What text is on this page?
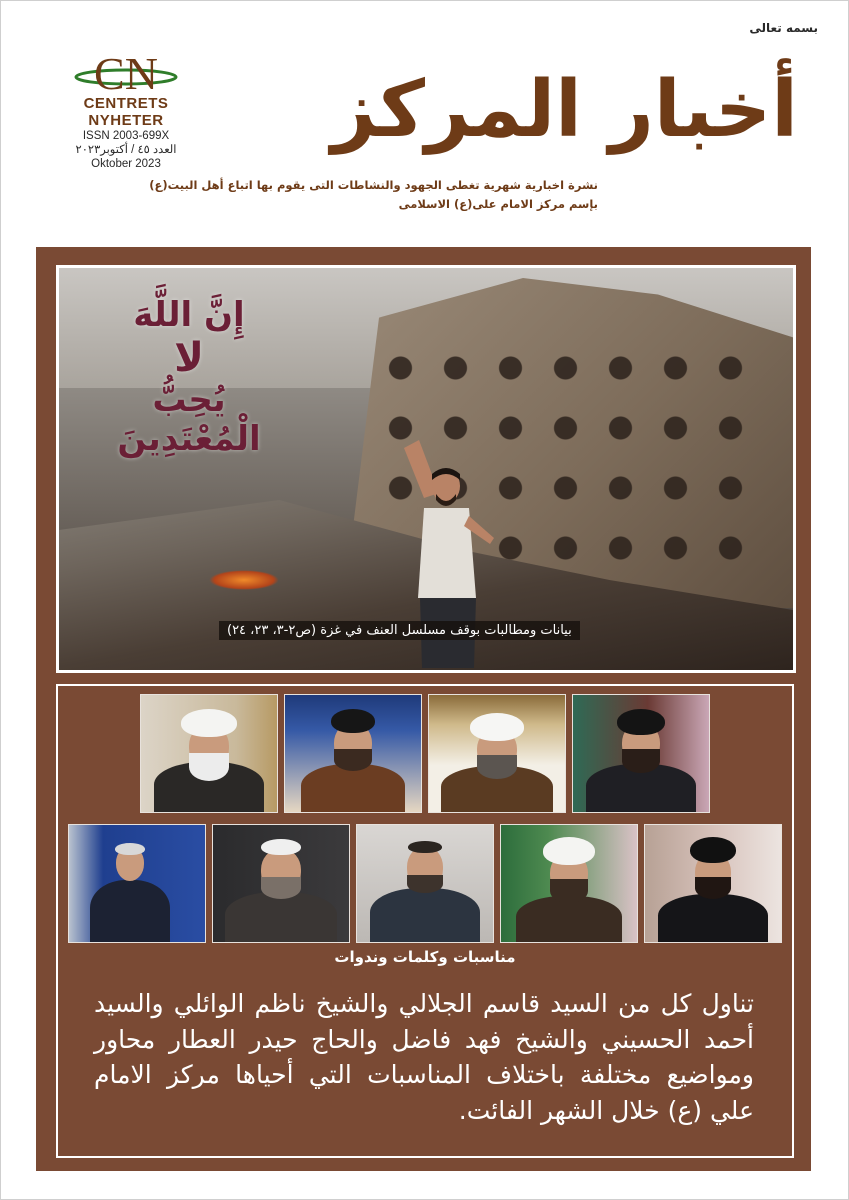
بسمه تعالى
CN
CENTRETS NYHETER
ISSN 2003-699X
العدد ٤٥ / أكتوبر٢٠٢٣
Oktober 2023
أخبار المركز
نشرة اخبارية شهرية تغطى الجهود والنشاطات التى يقوم بها اتباع أهل البيت(ع)
بإسم مركز الامام على(ع) الاسلامى
إِنَّ اللَّهَ
لا
يُحِبُّ الْمُعْتَدِينَ
بيانات ومطالبات بوقف مسلسل العنف في غزة (ص٢-٣، ٢٣، ٢٤)
مناسبات وكلمات وندوات
تناول كل من السيد قاسم الجلالي والشيخ ناظم الوائلي والسيد أحمد الحسيني والشيخ فهد فاضل والحاج حيدر العطار محاور ومواضيع مختلفة باختلاف المناسبات التي أحياها مركز الامام علي (ع) خلال الشهر الفائت.
